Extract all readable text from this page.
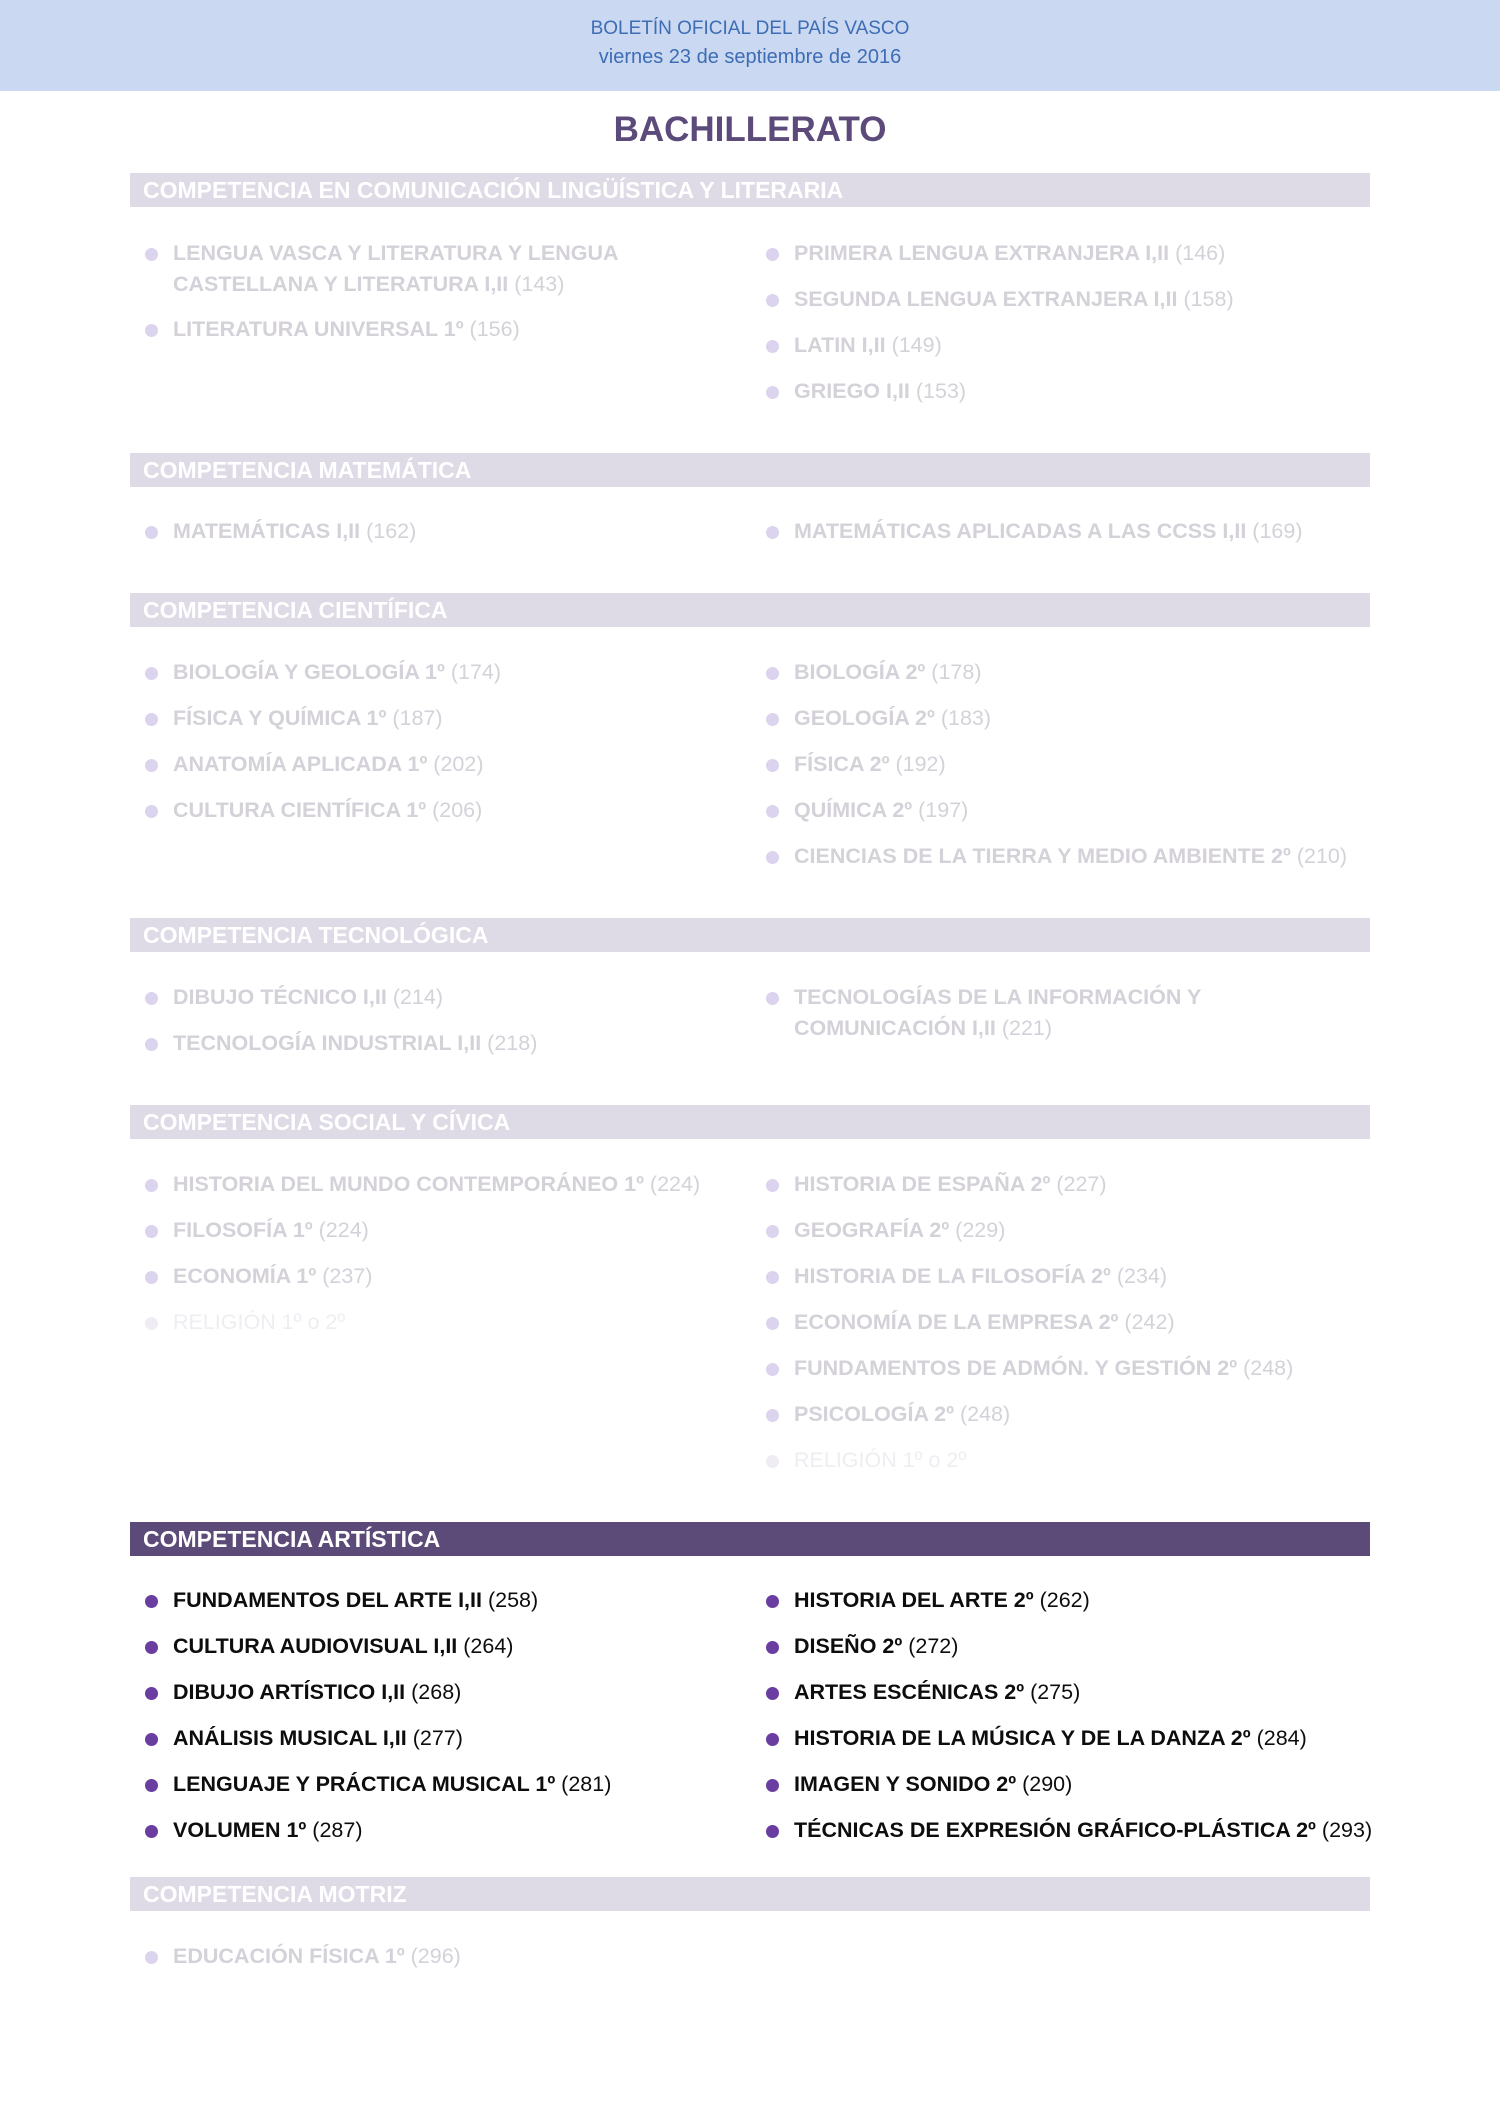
BOLETÍN OFICIAL DEL PAÍS VASCO
viernes 23 de septiembre de 2016
BACHILLERATO
COMPETENCIA EN COMUNICACIÓN LINGÜÍSTICA Y LITERARIA
LENGUA VASCA Y LITERATURA Y LENGUA CASTELLANA Y LITERATURA I,II (143)
LITERATURA UNIVERSAL 1º (156)
PRIMERA LENGUA EXTRANJERA I,II (146)
SEGUNDA LENGUA EXTRANJERA I,II (158)
LATIN I,II (149)
GRIEGO I,II (153)
COMPETENCIA MATEMÁTICA
MATEMÁTICAS I,II (162)	MATEMÁTICAS APLICADAS A LAS CCSS I,II (169)
COMPETENCIA CIENTÍFICA
BIOLOGÍA Y GEOLOGÍA 1º (174)
FÍSICA Y QUÍMICA 1º (187)
ANATOMÍA APLICADA 1º (202)
CULTURA CIENTÍFICA 1º (206)
BIOLOGÍA 2º (178)
GEOLOGÍA 2º (183)
FÍSICA 2º (192)
QUÍMICA 2º (197)
CIENCIAS DE LA TIERRA Y MEDIO AMBIENTE 2º (210)
COMPETENCIA TECNOLÓGICA
DIBUJO TÉCNICO I,II (214)
TECNOLOGÍA INDUSTRIAL I,II (218)
TECNOLOGÍAS DE LA INFORMACIÓN Y COMUNICACIÓN I,II (221)
COMPETENCIA SOCIAL Y CÍVICA
HISTORIA DEL MUNDO CONTEMPORÁNEO 1º (224)
FILOSOFÍA 1º (224)
ECONOMÍA 1º (237)
RELIGIÓN 1º o 2º
HISTORIA DE ESPAÑA 2º (227)
GEOGRAFÍA 2º (229)
HISTORIA DE LA FILOSOFÍA 2º (234)
ECONOMÍA DE LA EMPRESA 2º (242)
FUNDAMENTOS DE ADMÓN. Y GESTIÓN 2º (248)
PSICOLOGÍA 2º (248)
RELIGIÓN 1º o 2º
COMPETENCIA ARTÍSTICA
FUNDAMENTOS DEL ARTE I,II (258)
CULTURA AUDIOVISUAL I,II (264)
DIBUJO ARTÍSTICO I,II (268)
ANÁLISIS MUSICAL I,II (277)
LENGUAJE Y PRÁCTICA MUSICAL 1º (281)
VOLUMEN 1º (287)
HISTORIA DEL ARTE 2º (262)
DISEÑO 2º (272)
ARTES ESCÉNICAS 2º (275)
HISTORIA DE LA MÚSICA Y DE LA DANZA 2º (284)
IMAGEN Y SONIDO 2º (290)
TÉCNICAS DE EXPRESIÓN GRÁFICO-PLÁSTICA 2º (293)
COMPETENCIA MOTRIZ
EDUCACIÓN FÍSICA 1º (296)
